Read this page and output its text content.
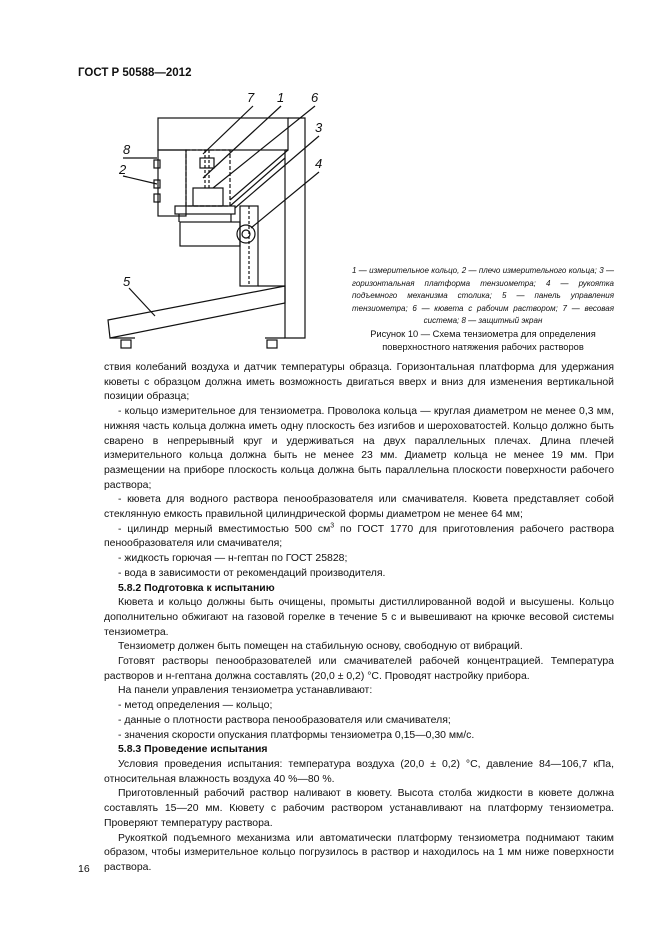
ГОСТ Р 50588—2012
7 1 6
3
8
2	4
5
1 — измерительное кольцо, 2 — плечо измерительного кольца; 3 — горизонтальная платформа тензиометра; 4 — рукоятка подъемного механизма столика; 5 — панель управления тензиометра; 6 — кювета с рабочим раствором; 7 — весовая система; 8 — защитный экран
Рисунок 10 — Схема тензиометра для определения поверхностного натяжения рабочих растворов

ствия колебаний воздуха и датчик температуры образца. Горизонтальная платформа для удержания кюветы с образцом должна иметь возможность двигаться вверх и вниз для изменения вертикальной позиции образца;

- кольцо измерительное для тензиометра. Проволока кольца — круглая диаметром не менее 0,3 мм, нижняя часть кольца должна иметь одну плоскость без изгибов и шероховатостей. Кольцо должно быть сварено в непрерывный круг и удерживаться на двух параллельных плечах. Длина плечей измерительного кольца должна быть не менее 23 мм. Диаметр кольца не менее 19 мм. При размещении на приборе плоскость кольца должна быть параллельна плоскости поверхности рабочего раствора;

- кювета для водного раствора пенообразователя или смачивателя. Кювета представляет собой стеклянную емкость правильной цилиндрической формы диаметром не менее 64 мм;

- цилиндр мерный вместимостью 500 $см^3$ по ГОСТ 1770 для приготовления рабочего раствора пенообразователя или смачивателя;

- жидкость горючая — н-гептан по ГОСТ 25828;

- вода в зависимости от рекомендаций производителя.

5.8.2 Подготовка к испытанию

Кювета и кольцо должны быть очищены, промыты дистиллированной водой и высушены. Кольцо дополнительно обжигают на газовой горелке в течение 5 с и вывешивают на крючке весовой системы тензиометра.

Тензиометр должен быть помещен на стабильную основу, свободную от вибраций.

Готовят растворы пенообразователей или смачивателей рабочей концентрацией. Температура растворов и н-гептана должна составлять (20,0 ± 0,2) °С. Проводят настройку прибора.

На панели управления тензиометра устанавливают:

- метод определения — кольцо;

- данные о плотности раствора пенообразователя или смачивателя;

- значения скорости опускания платформы тензиометра 0,15—0,30 мм/с.

5.8.3 Проведение испытания

Условия проведения испытания: температура воздуха (20,0 ± 0,2) °С, давление 84—106,7 кПа, относительная влажность воздуха 40 %—80 %.

Приготовленный рабочий раствор наливают в кювету. Высота столба жидкости в кювете должна составлять 15—20 мм. Кювету с рабочим раствором устанавливают на платформу тензиометра. Проверяют температуру раствора.

Рукояткой подъемного механизма или автоматически платформу тензиометра поднимают таким образом, чтобы измерительное кольцо погрузилось в раствор и находилось на 1 мм ниже поверхности раствора.

16
